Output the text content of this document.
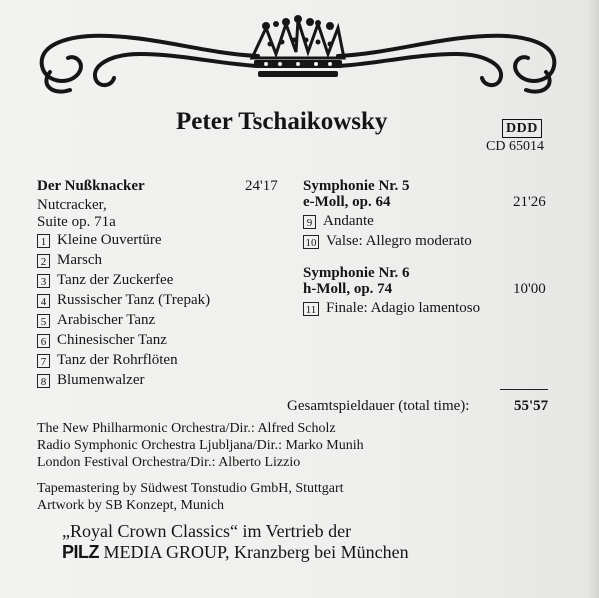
Peter Tschaikowsky	DDD
CD 65014
Der Nußknacker	24'17
Nutcracker,
Suite op. 71a
1 Kleine Ouvertüre
2 Marsch
3 Tanz der Zuckerfee
4 Russischer Tanz (Trepak)
5 Arabischer Tanz
6 Chinesischer Tanz
7 Tanz der Rohrflöten
8 Blumenwalzer
Symphonie Nr. 5
e-Moll, op. 64	21'26
9 Andante
10 Valse: Allegro moderato
Symphonie Nr. 6
h-Moll, op. 74	10'00
11 Finale: Adagio lamentoso
Gesamtspieldauer (total time):	55'57
The New Philharmonic Orchestra/Dir.: Alfred Scholz
Radio Symphonic Orchestra Ljubljana/Dir.: Marko Munih
London Festival Orchestra/Dir.: Alberto Lizzio
Tapemastering by Südwest Tonstudio GmbH, Stuttgart
Artwork by SB Konzept, Munich
„Royal Crown Classics“ im Vertrieb der
PILZ MEDIA GROUP, Kranzberg bei München
